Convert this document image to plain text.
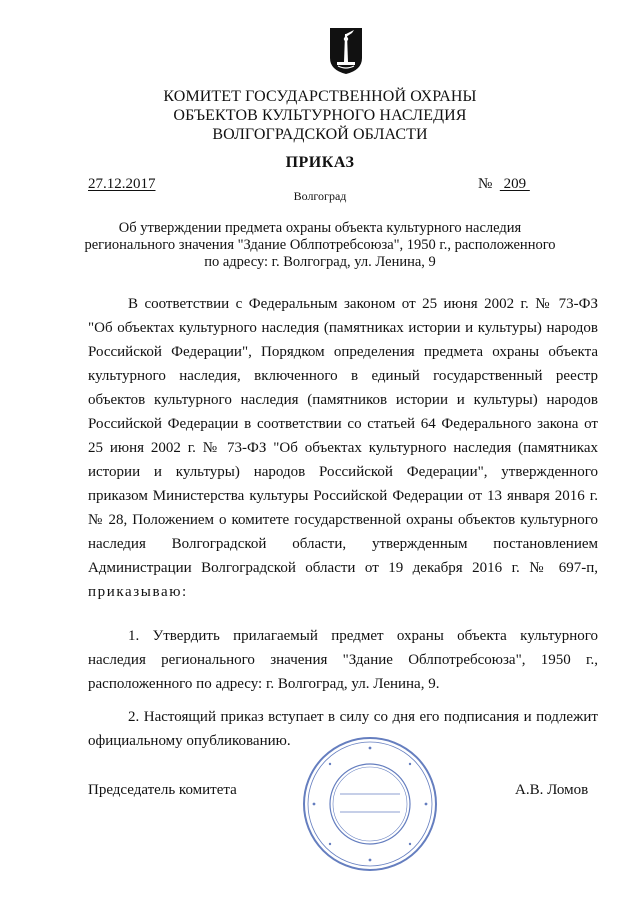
КОМИТЕТ ГОСУДАРСТВЕННОЙ ОХРАНЫ
ОБЪЕКТОВ КУЛЬТУРНОГО НАСЛЕДИЯ
ВОЛГОГРАДСКОЙ ОБЛАСТИ
ПРИКАЗ
27.12.2017	№   209
Волгоград
Об утверждении предмета охраны объекта культурного наследия
регионального значения "Здание Облпотребсоюза", 1950 г., расположенного
по адресу: г. Волгоград, ул. Ленина, 9
В соответствии с Федеральным законом от 25 июня 2002 г. № 73-ФЗ
"Об объектах культурного наследия (памятниках истории и культуры) народов
Российской Федерации", Порядком определения предмета охраны объекта
культурного наследия, включенного в единый государственный реестр
объектов культурного наследия (памятников истории и культуры) народов
Российской Федерации в соответствии со статьей 64 Федерального закона от
25 июня 2002 г. № 73-ФЗ "Об объектах культурного наследия (памятниках
истории и культуры) народов Российской Федерации", утвержденного
приказом Министерства культуры Российской Федерации от 13 января 2016 г.
№ 28, Положением о комитете государственной охраны объектов культурного
наследия Волгоградской области, утвержденным постановлением
Администрации Волгоградской области от 19 декабря 2016 г. № 697-п,
приказываю:
1. Утвердить прилагаемый предмет охраны объекта культурного
наследия регионального значения "Здание Облпотребсоюза", 1950 г.,
расположенного по адресу: г. Волгоград, ул. Ленина, 9.
2. Настоящий приказ вступает в силу со дня его подписания и подлежит
официальному опубликованию.
Председатель комитета	А.В. Ломов
